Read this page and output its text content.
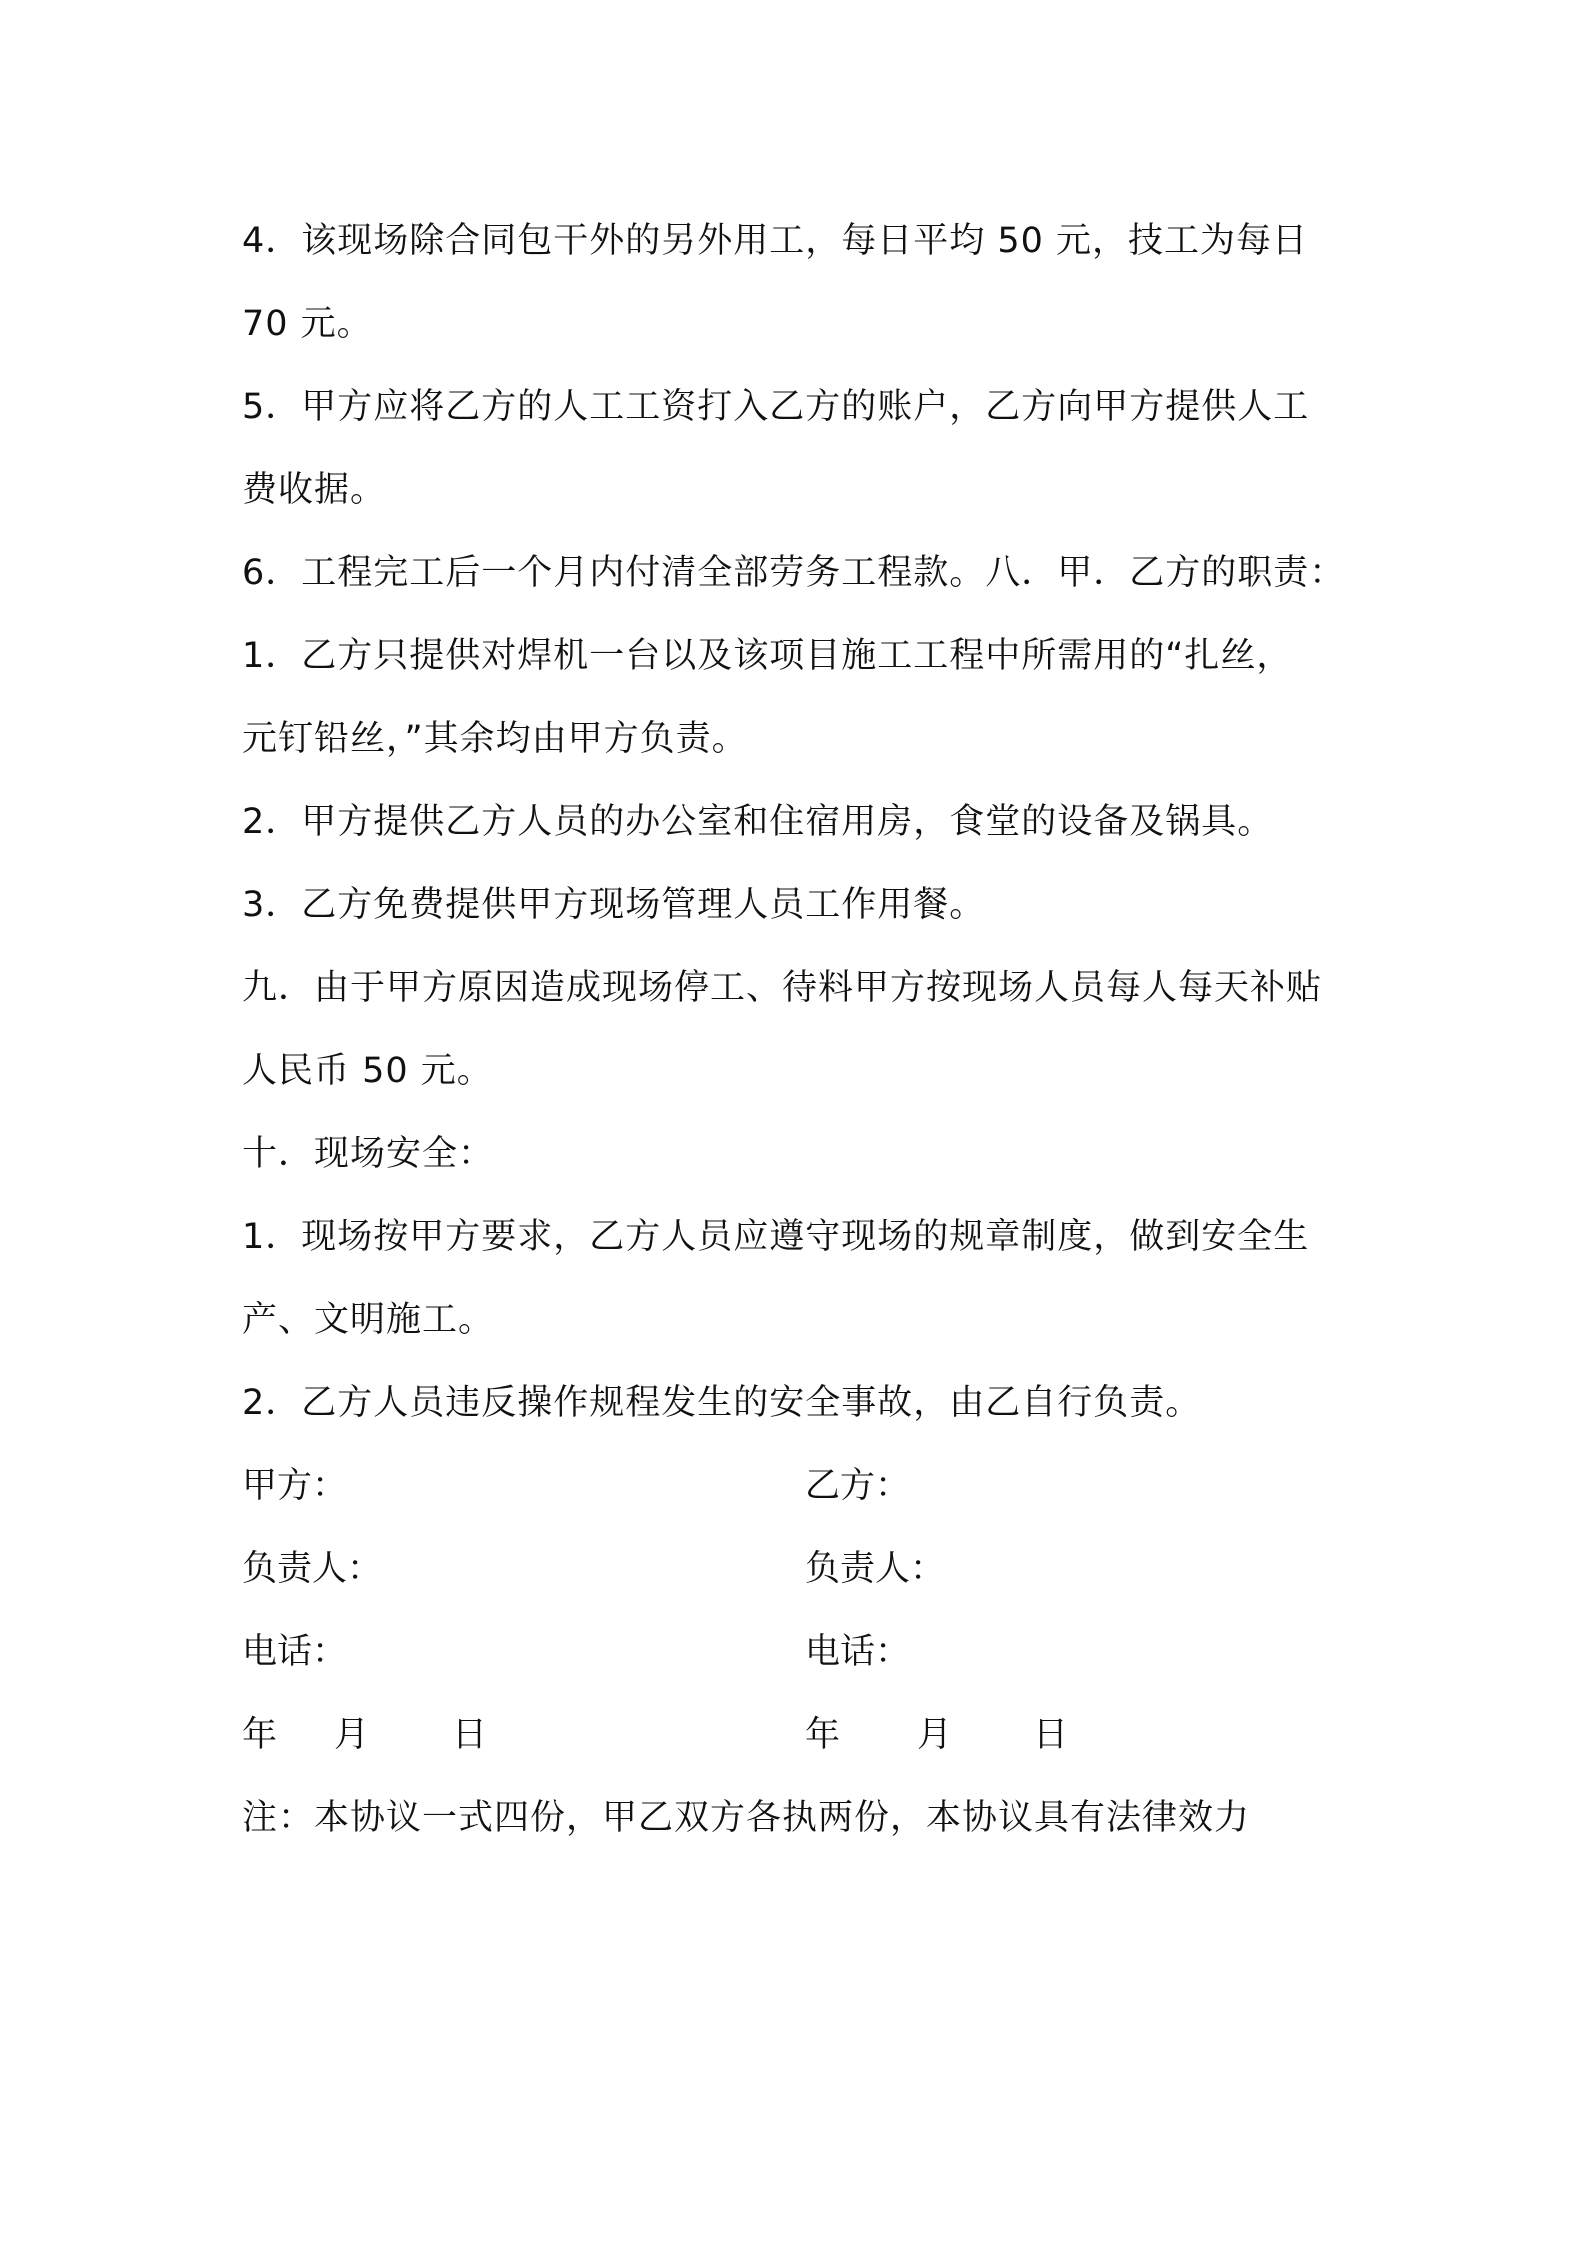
4．该现场除合同包干外的另外用工，每日平均 50 元，技工为每日
70 元。
5．甲方应将乙方的人工工资打入乙方的账户，乙方向甲方提供人工
费收据。
6．工程完工后一个月内付清全部劳务工程款。八．甲．乙方的职责：
1．乙方只提供对焊机一台以及该项目施工工程中所需用的“扎丝，
元钉铅丝，”其余均由甲方负责。
2．甲方提供乙方人员的办公室和住宿用房，食堂的设备及锅具。
3．乙方免费提供甲方现场管理人员工作用餐。
九．由于甲方原因造成现场停工、待料甲方按现场人员每人每天补贴
人民币 50 元。
十．现场安全：
1．现场按甲方要求，乙方人员应遵守现场的规章制度，做到安全生
产、文明施工。
2．乙方人员违反操作规程发生的安全事故，由乙自行负责。
甲方：	乙方：
负责人：	负责人：
电话：	电话：
年 月 日	年 月 日
注：本协议一式四份，甲乙双方各执两份，本协议具有法律效力
